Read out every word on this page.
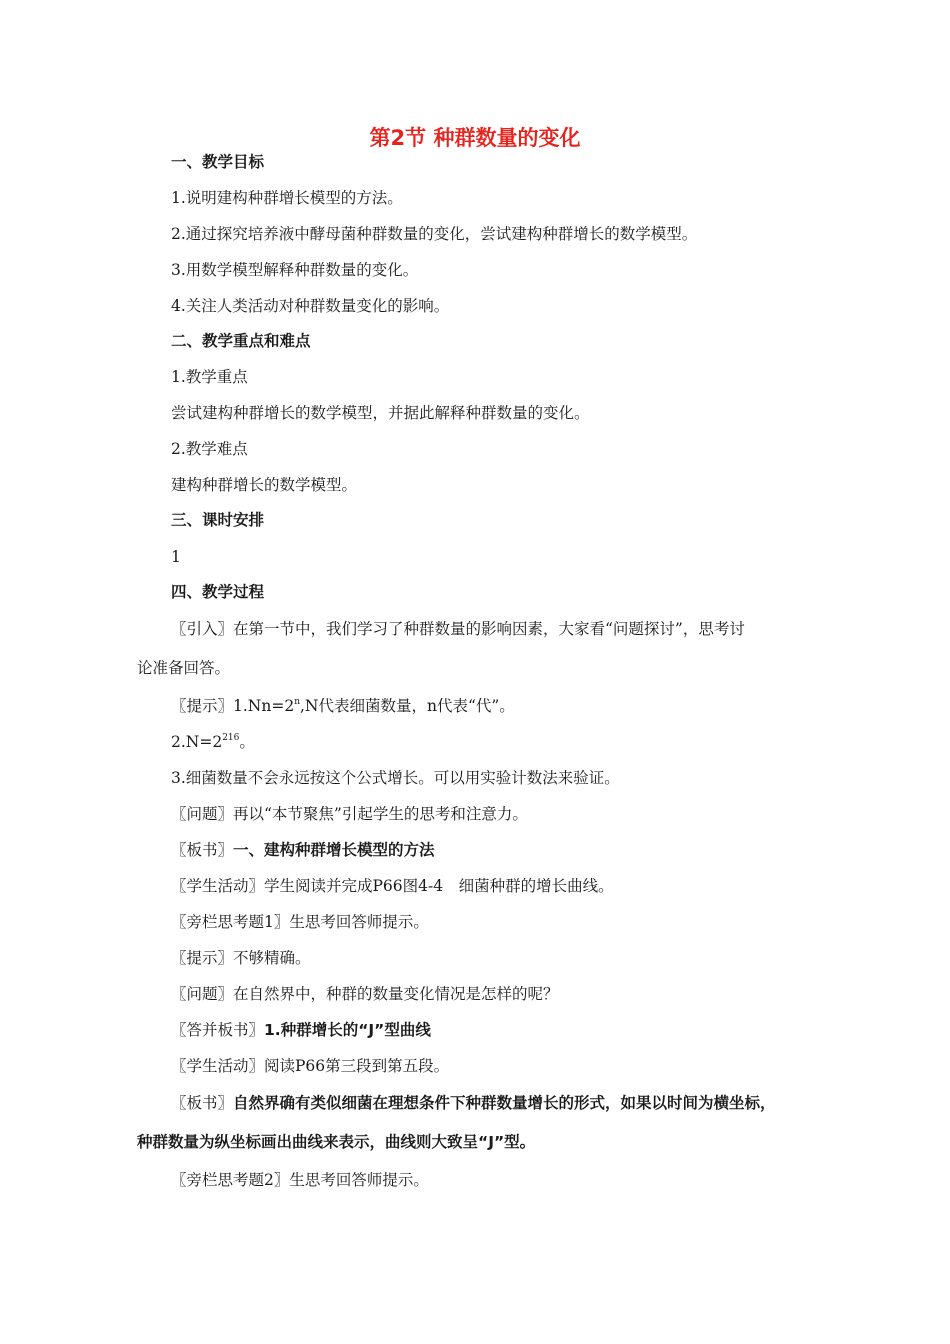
第2节 种群数量的变化
一、教学目标
1.说明建构种群增长模型的方法。
2.通过探究培养液中酵母菌种群数量的变化，尝试建构种群增长的数学模型。
3.用数学模型解释种群数量的变化。
4.关注人类活动对种群数量变化的影响。
二、教学重点和难点
1.教学重点
尝试建构种群增长的数学模型，并据此解释种群数量的变化。
2.教学难点
建构种群增长的数学模型。
三、课时安排
1
四、教学过程
〖引入〗在第一节中，我们学习了种群数量的影响因素，大家看“问题探讨”，思考讨
论准备回答。
〖提示〗$1.Nn=2^n,N$代表细菌数量，n代表“代”。
$2.N=2^{216}$。
3.细菌数量不会永远按这个公式增长。可以用实验计数法来验证。
〖问题〗再以“本节聚焦”引起学生的思考和注意力。
〖板书〗一、建构种群增长模型的方法
〖学生活动〗学生阅读并完成P66图4-4　细菌种群的增长曲线。
〖旁栏思考题1〗生思考回答师提示。
〖提示〗不够精确。
〖问题〗在自然界中，种群的数量变化情况是怎样的呢？
〖答并板书〗1.种群增长的“J”型曲线
〖学生活动〗阅读P66第三段到第五段。
〖板书〗自然界确有类似细菌在理想条件下种群数量增长的形式，如果以时间为横坐标，
种群数量为纵坐标画出曲线来表示，曲线则大致呈“J”型。
〖旁栏思考题2〗生思考回答师提示。
